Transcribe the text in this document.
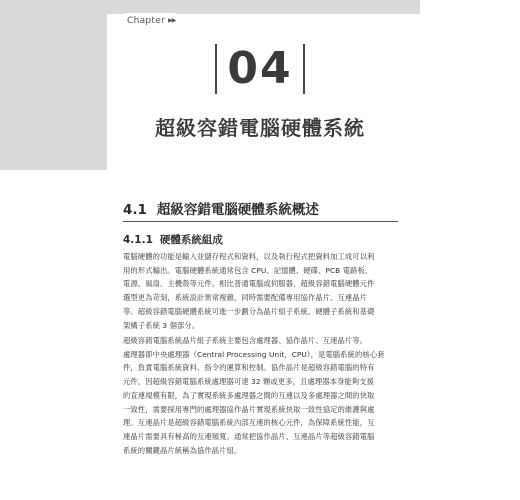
Chapter ▶▶
04
超級容錯電腦硬體系統
4.1 超級容錯電腦硬體系統概述
4.1.1 硬體系統組成
電腦硬體的功能是輸入並儲存程式和資料，以及執行程式把資料加工成可以利
用的形式輸出。電腦硬體系統通常包含 CPU、記憶體、硬碟、PCB 電路板、
電源、風扇、主機殼等元件。相比普通電腦或伺服器，超級容錯電腦硬體元件
選型更為苛刻，系統設計異常複雜，同時需要配備專用協作晶片、互連晶片
等。超級容錯電腦硬體系統可進一步劃分為晶片組子系統、硬體子系統和基礎
架構子系統 3 個部分。
超級容錯電腦系統晶片組子系統主要包含處理器、協作晶片、互連晶片等。
處理器即中央處理器（Central Processing Unit，CPU），是電腦系統的核心套
件，負責電腦系統資料、指令的運算和控制。協作晶片是超級容錯電腦的特有
元件，因超級容錯電腦系統處理器可達 32 顆或更多，且處理器本身能夠支援
的直連規模有限，為了實現系統多處理器之間的互連以及多處理器之間的快取
一致性，需要採用專門的處理器協作晶片實現系統快取一致性協定的維護與處
理。互連晶片是超級容錯電腦系統內部互連的核心元件，為保障系統性能，互
連晶片需要具有極高的互連頻寬。通常把協作晶片、互連晶片等超級容錯電腦
系統的關鍵晶片統稱為協作晶片組。
